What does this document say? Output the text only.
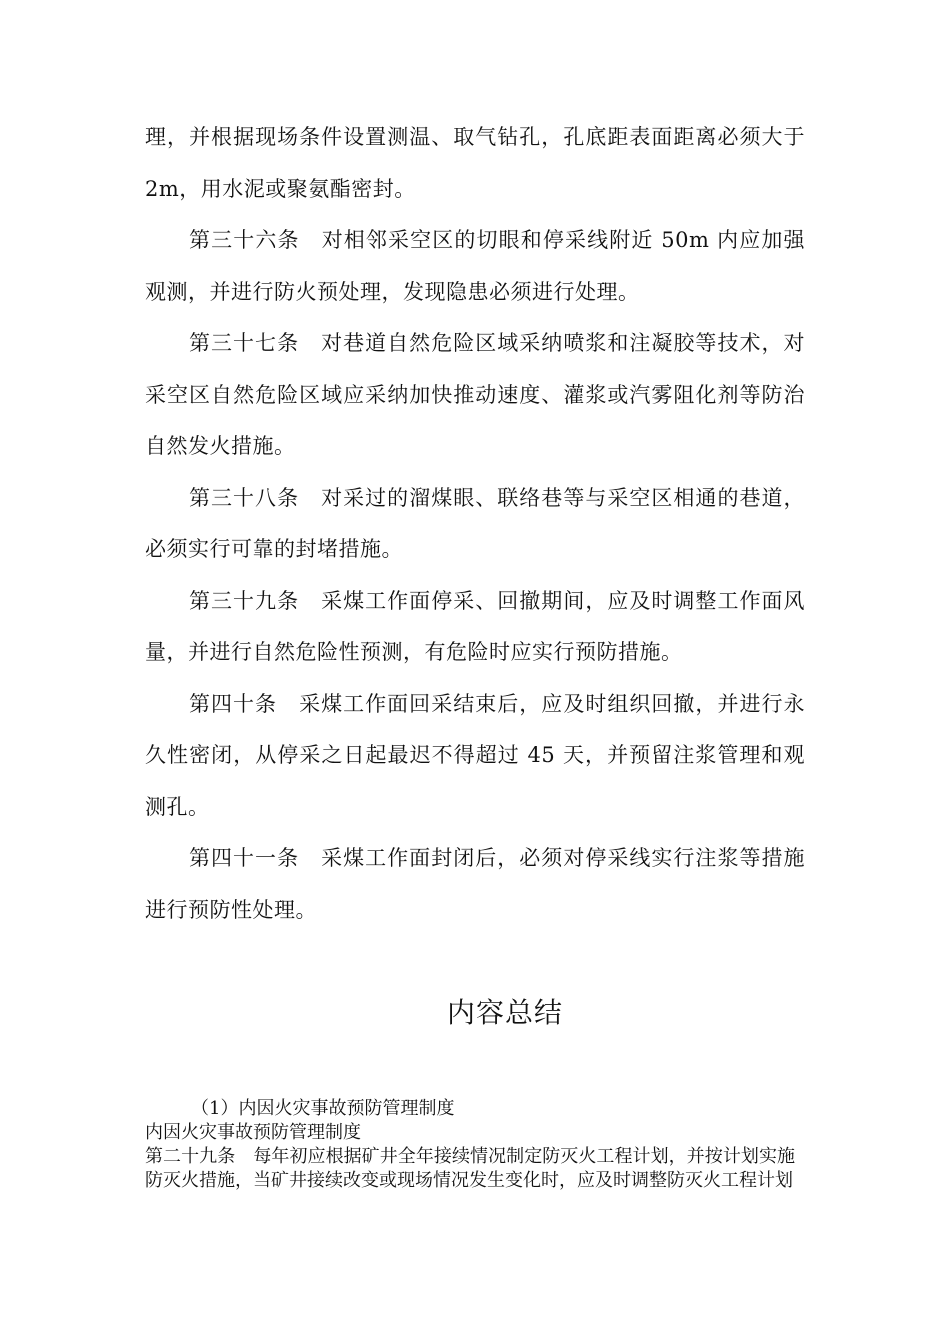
理，并根据现场条件设置测温、取气钻孔，孔底距表面距离必须大于 2m，用水泥或聚氨酯密封。

第三十六条　对相邻采空区的切眼和停采线附近 50m 内应加强观测，并进行防火预处理，发现隐患必须进行处理。

第三十七条　对巷道自然危险区域采纳喷浆和注凝胶等技术，对采空区自然危险区域应采纳加快推动速度、灌浆或汽雾阻化剂等防治自然发火措施。

第三十八条　对采过的溜煤眼、联络巷等与采空区相通的巷道，必须实行可靠的封堵措施。

第三十九条　采煤工作面停采、回撤期间，应及时调整工作面风量，并进行自然危险性预测，有危险时应实行预防措施。

第四十条　采煤工作面回采结束后，应及时组织回撤，并进行永久性密闭，从停采之日起最迟不得超过 45 天，并预留注浆管理和观测孔。

第四十一条　采煤工作面封闭后，必须对停采线实行注浆等措施进行预防性处理。

内容总结

（1）内因火灾事故预防管理制度

内因火灾事故预防管理制度

第二十九条　每年初应根据矿井全年接续情况制定防灭火工程计划，并按计划实施防灭火措施，当矿井接续改变或现场情况发生变化时，应及时调整防灭火工程计划
